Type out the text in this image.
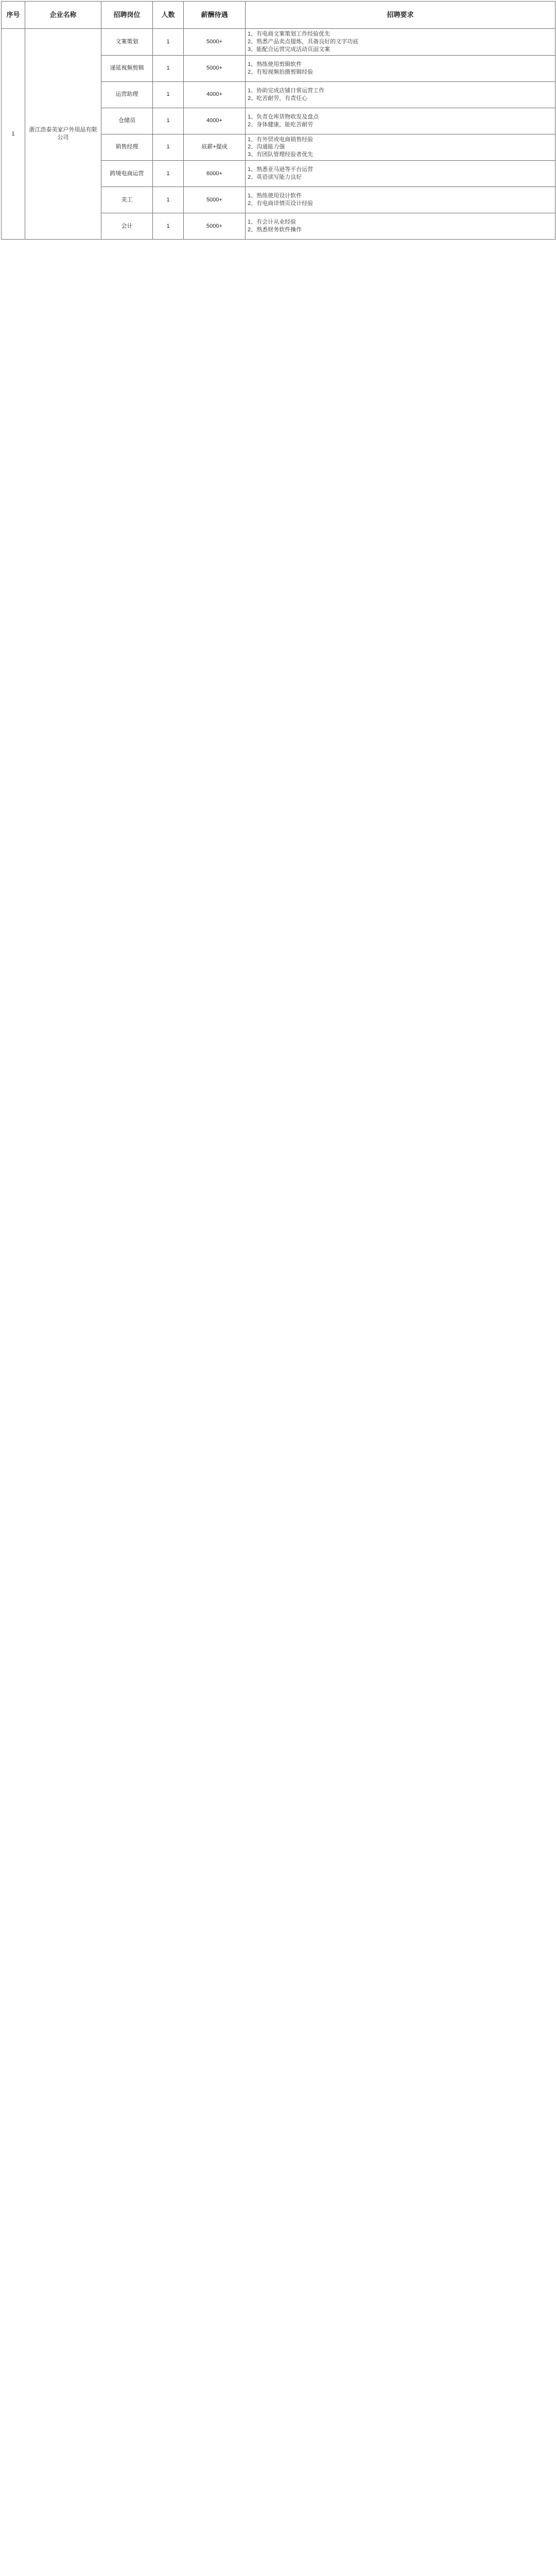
序号	企业名称	招聘岗位	人数	薪酬待遇	招聘要求
1	浙江浩泰美家户外用品有限公司	文案策划	1	5000+	1、有电商文案策划工作经验优先
2、熟悉产品卖点提炼，具备良好的文字功底
3、能配合运营完成活动页面文案

		递延视频剪辑	1	5000+	1、熟练使用剪辑软件
2、有短视频拍摄剪辑经验

		运营助理	1	4000+	1、协助完成店铺日常运营工作
2、吃苦耐劳，有责任心

		仓储员	1	4000+	1、负责仓库货物收发及盘点
2、身体健康，能吃苦耐劳

		销售经理	1	底薪+提成	1、有外贸或电商销售经验
2、沟通能力强
3、有团队管理经验者优先

		跨境电商运营	1	6000+	1、熟悉亚马逊等平台运营
2、英语读写能力良好

		美工	1	5000+	1、熟练使用设计软件
2、有电商详情页设计经验

		会计	1	5000+	1、有会计从业经验
2、熟悉财务软件操作
